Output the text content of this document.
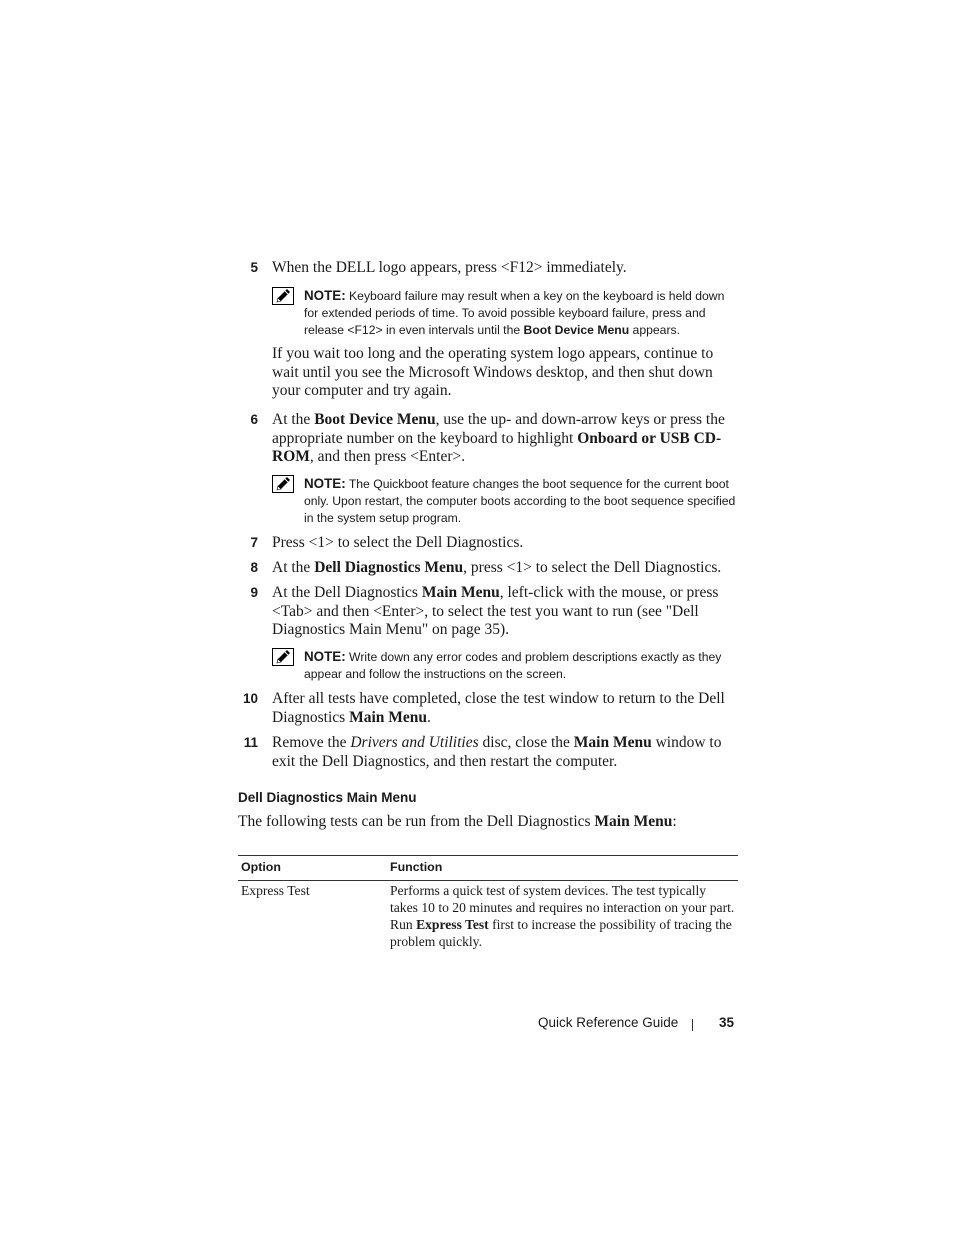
5 When the DELL logo appears, press <F12> immediately.
NOTE: Keyboard failure may result when a key on the keyboard is held down for extended periods of time. To avoid possible keyboard failure, press and release <F12> in even intervals until the Boot Device Menu appears.
If you wait too long and the operating system logo appears, continue to wait until you see the Microsoft Windows desktop, and then shut down your computer and try again.
6 At the Boot Device Menu, use the up- and down-arrow keys or press the appropriate number on the keyboard to highlight Onboard or USB CD-ROM, and then press <Enter>.
NOTE: The Quickboot feature changes the boot sequence for the current boot only. Upon restart, the computer boots according to the boot sequence specified in the system setup program.
7 Press <1> to select the Dell Diagnostics.
8 At the Dell Diagnostics Menu, press <1> to select the Dell Diagnostics.
9 At the Dell Diagnostics Main Menu, left-click with the mouse, or press <Tab> and then <Enter>, to select the test you want to run (see "Dell Diagnostics Main Menu" on page 35).
NOTE: Write down any error codes and problem descriptions exactly as they appear and follow the instructions on the screen.
10 After all tests have completed, close the test window to return to the Dell Diagnostics Main Menu.
11 Remove the Drivers and Utilities disc, close the Main Menu window to exit the Dell Diagnostics, and then restart the computer.
Dell Diagnostics Main Menu
The following tests can be run from the Dell Diagnostics Main Menu:
Option	Function
Express Test	Performs a quick test of system devices. The test typically takes 10 to 20 minutes and requires no interaction on your part. Run Express Test first to increase the possibility of tracing the problem quickly.
Quick Reference Guide	35
